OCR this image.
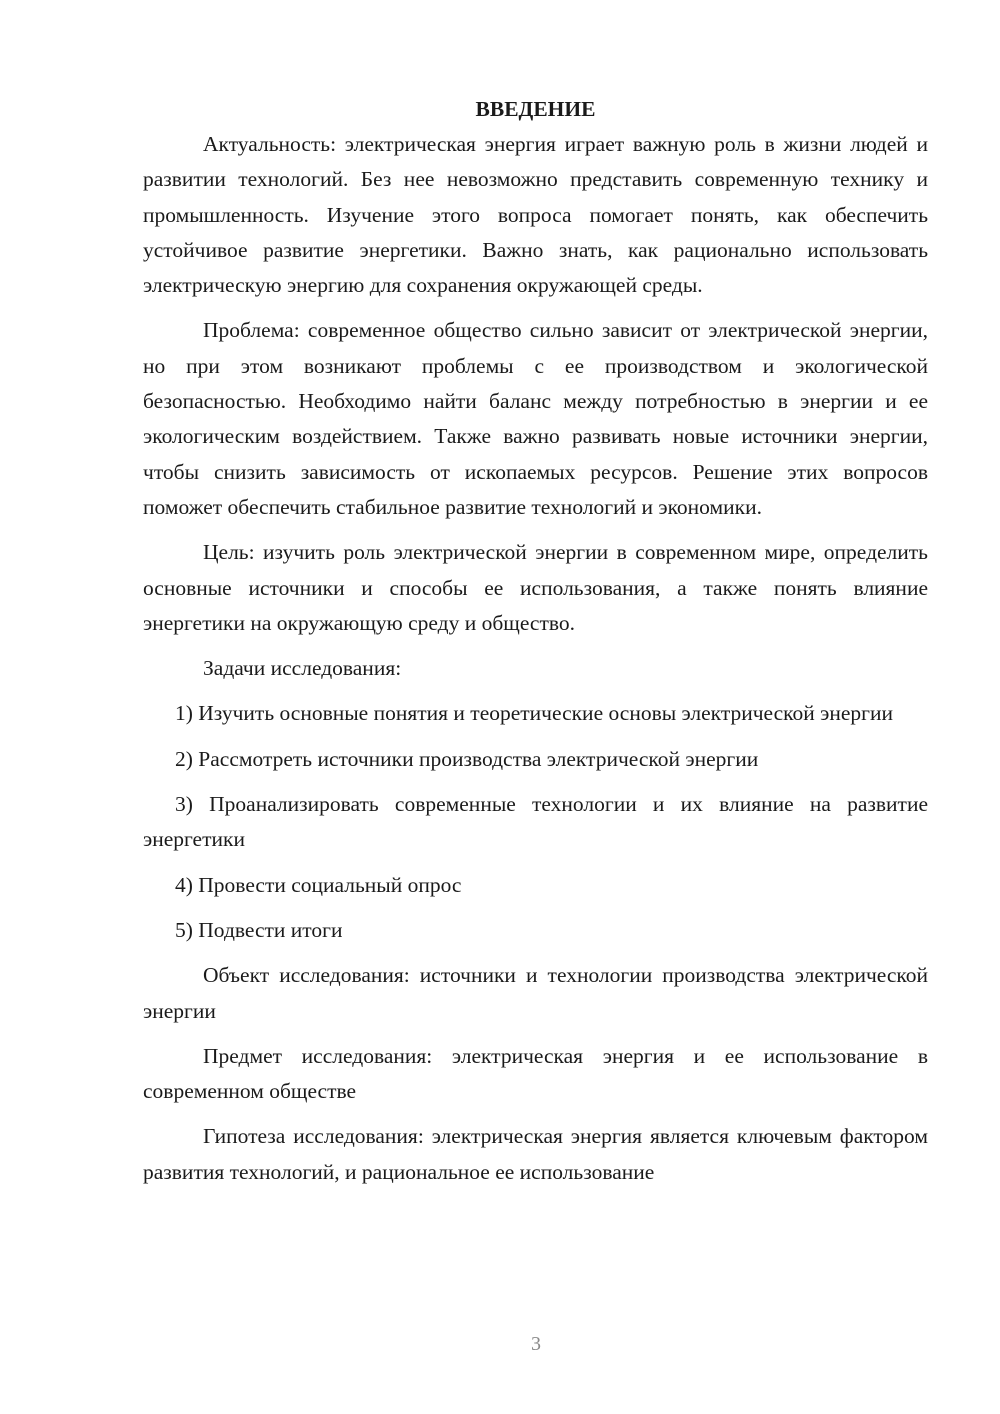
ВВЕДЕНИЕ

Актуальность: электрическая энергия играет важную роль в жизни людей и развитии технологий. Без нее невозможно представить современную технику и промышленность. Изучение этого вопроса помогает понять, как обеспечить устойчивое развитие энергетики. Важно знать, как рационально использовать электрическую энергию для сохранения окружающей среды.

Проблема: современное общество сильно зависит от электрической энергии, но при этом возникают проблемы с ее производством и экологической безопасностью. Необходимо найти баланс между потребностью в энергии и ее экологическим воздействием. Также важно развивать новые источники энергии, чтобы снизить зависимость от ископаемых ресурсов. Решение этих вопросов поможет обеспечить стабильное развитие технологий и экономики.

Цель: изучить роль электрической энергии в современном мире, определить основные источники и способы ее использования, а также понять влияние энергетики на окружающую среду и общество.

Задачи исследования:

1) Изучить основные понятия и теоретические основы электрической энергии

2) Рассмотреть источники производства электрической энергии

3) Проанализировать современные технологии и их влияние на развитие энергетики

4) Провести социальный опрос

5) Подвести итоги

Объект исследования: источники и технологии производства электрической энергии

Предмет исследования: электрическая энергия и ее использование в современном обществе

Гипотеза исследования: электрическая энергия является ключевым фактором развития технологий, и рациональное ее использование

3
